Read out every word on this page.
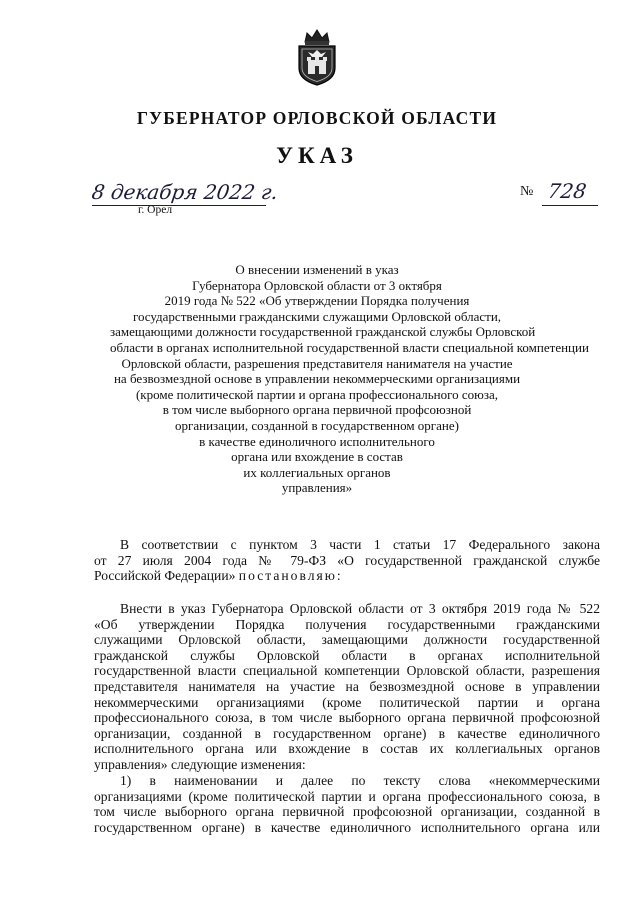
ГУБЕРНАТОР ОРЛОВСКОЙ ОБЛАСТИ
УКАЗ
8 декабря 2022 г.
г. Орел
№ 728
О внесении изменений в указ
Губернатора Орловской области от 3 октября
2019 года № 522 «Об утверждении Порядка получения
государственными гражданскими служащими Орловской области,
замещающими должности государственной гражданской службы Орловской
области в органах исполнительной государственной власти специальной компетенции
Орловской области, разрешения представителя нанимателя на участие
на безвозмездной основе в управлении некоммерческими организациями
(кроме политической партии и органа профессионального союза,
в том числе выборного органа первичной профсоюзной
организации, созданной в государственном органе)
в качестве единоличного исполнительного
органа или вхождение в состав
их коллегиальных органов
управления»
В соответствии с пунктом 3 части 1 статьи 17 Федерального закона
от 27 июля 2004 года № 79-ФЗ «О государственной гражданской службе
Российской Федерации» постановляю:
Внести в указ Губернатора Орловской области от 3 октября 2019 года № 522
«Об утверждении Порядка получения государственными гражданскими
служащими Орловской области, замещающими должности государственной
гражданской службы Орловской области в органах исполнительной
государственной власти специальной компетенции Орловской области, разрешения
представителя нанимателя на участие на безвозмездной основе в управлении
некоммерческими организациями (кроме политической партии и органа
профессионального союза, в том числе выборного органа первичной профсоюзной
организации, созданной в государственном органе) в качестве единоличного
исполнительного органа или вхождение в состав их коллегиальных органов
управления» следующие изменения:
1) в наименовании и далее по тексту слова «некоммерческими
организациями (кроме политической партии и органа профессионального союза, в
том числе выборного органа первичной профсоюзной организации, созданной в
государственном органе) в качестве единоличного исполнительного органа или
